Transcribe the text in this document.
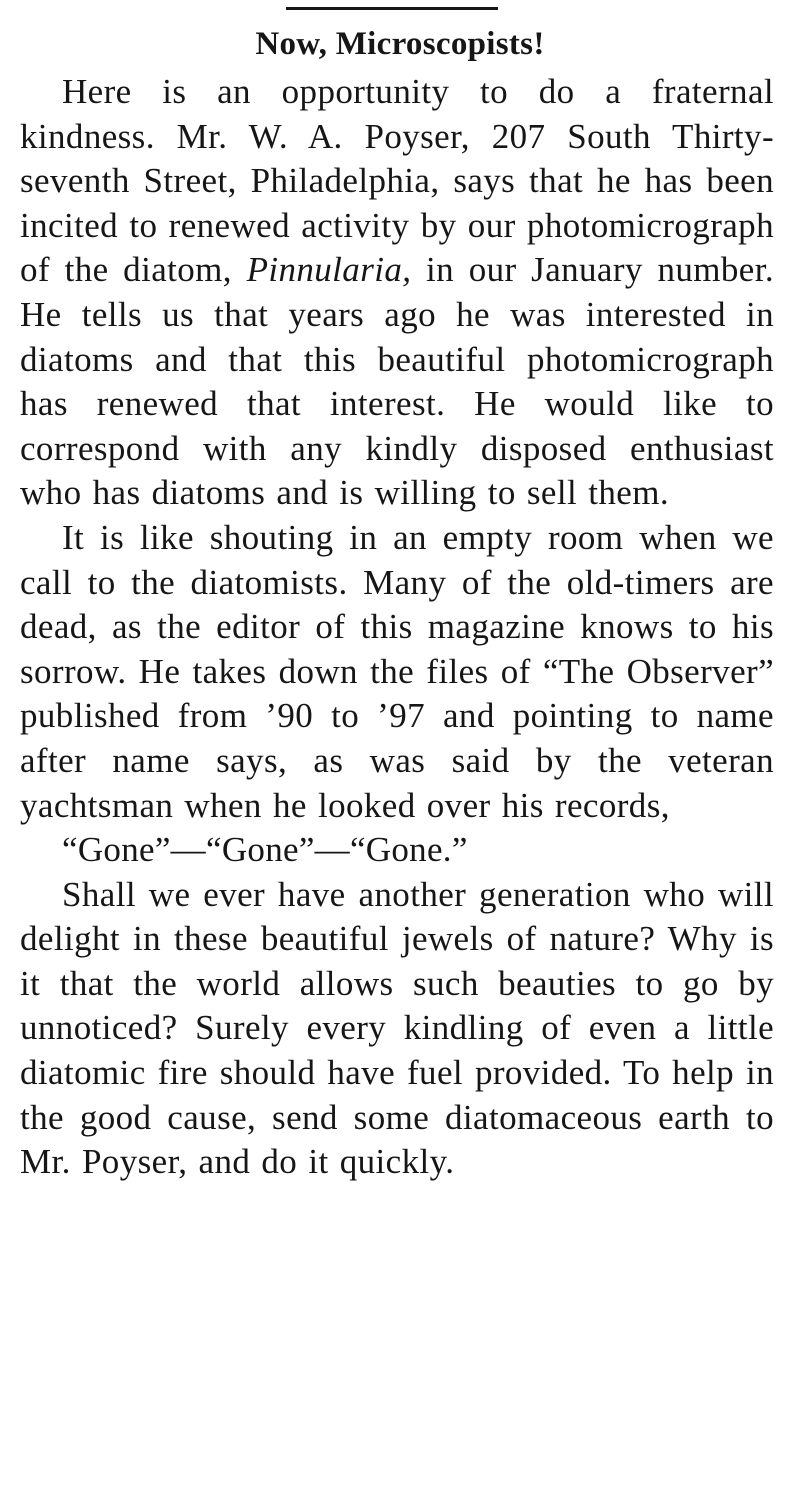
Now, Microscopists!

Here is an opportunity to do a fraternal kindness. Mr. W. A. Poyser, 207 South Thirty-seventh Street, Philadelphia, says that he has been incited to renewed activity by our photomicrograph of the diatom, Pinnularia, in our January number. He tells us that years ago he was interested in diatoms and that this beautiful photomicrograph has renewed that interest. He would like to correspond with any kindly disposed enthusiast who has diatoms and is willing to sell them.

It is like shouting in an empty room when we call to the diatomists. Many of the old-timers are dead, as the editor of this magazine knows to his sorrow. He takes down the files of “The Observer” published from ’90 to ’97 and pointing to name after name says, as was said by the veteran yachtsman when he looked over his records,

“Gone”—“Gone”—“Gone.”

Shall we ever have another generation who will delight in these beautiful jewels of nature? Why is it that the world allows such beauties to go by unnoticed? Surely every kindling of even a little diatomic fire should have fuel provided. To help in the good cause, send some diatomaceous earth to Mr. Poyser, and do it quickly.
